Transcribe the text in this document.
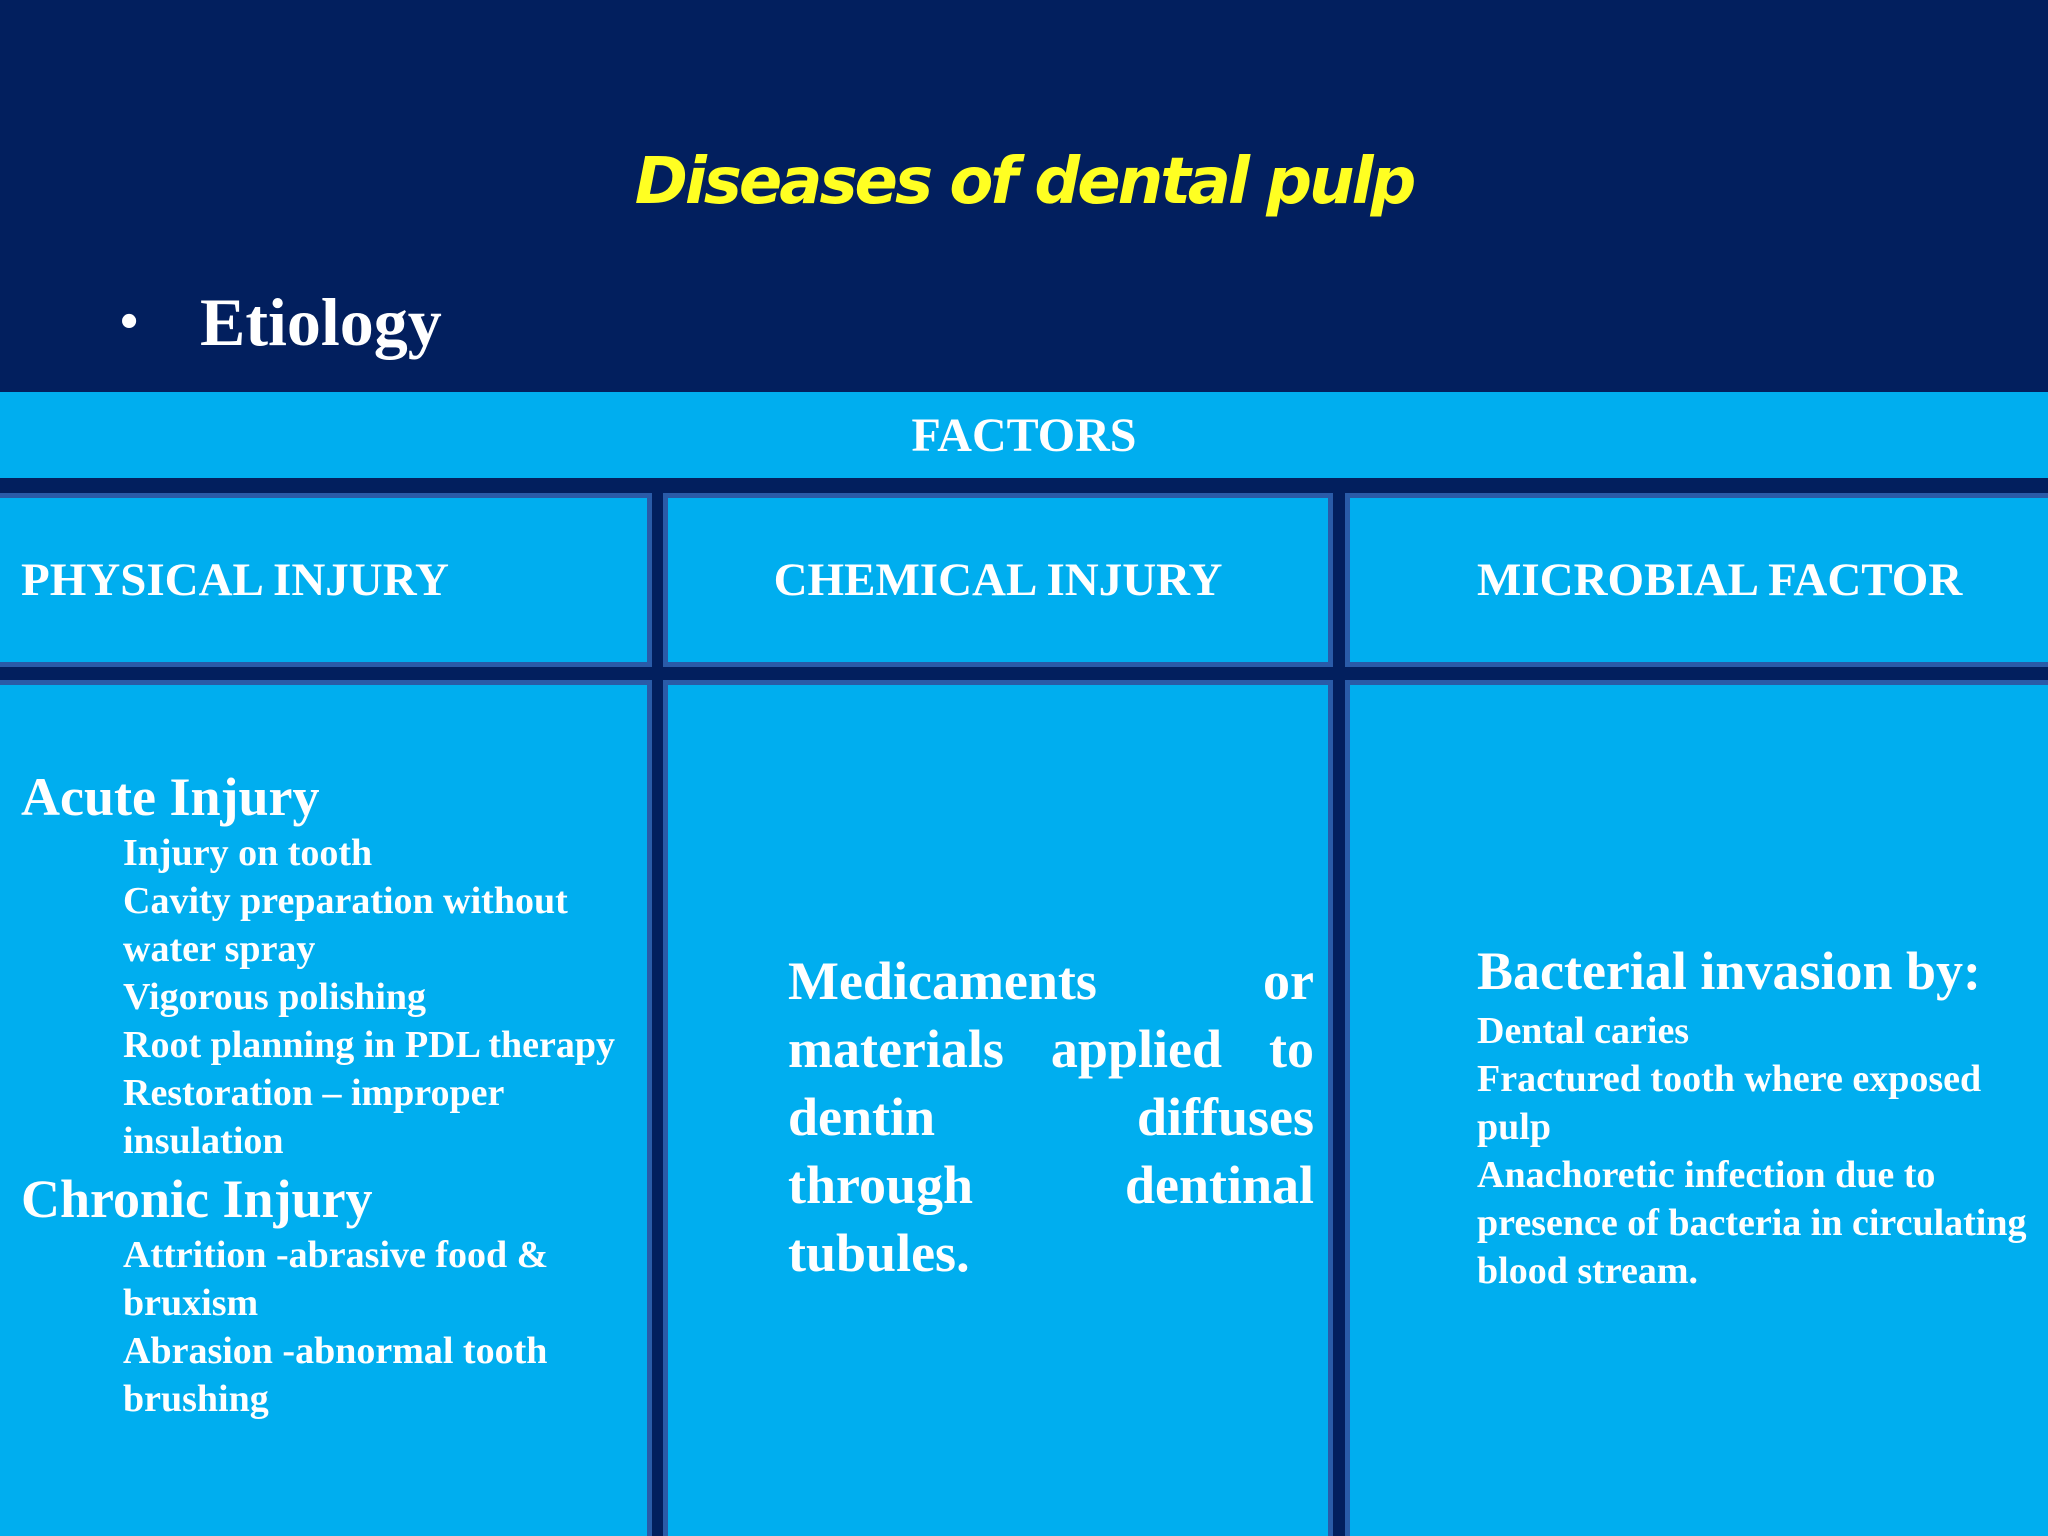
Diseases of dental pulp
• Etiology
FACTORS
PHYSICAL INJURY	CHEMICAL INJURY	MICROBIAL FACTOR

Acute Injury

Injury on tooth
Cavity preparation without water spray
Vigorous polishing
Root planning in PDL therapy
Restoration – improper insulation

Chronic Injury

Attrition -abrasive food & bruxism
Abrasion -abnormal tooth brushing

Medicaments or materials applied to dentin diffuses through dentinal tubules.

Bacterial invasion by:

Dental caries
Fractured tooth where exposed pulp
Anachoretic infection due to presence of bacteria in circulating blood stream.
